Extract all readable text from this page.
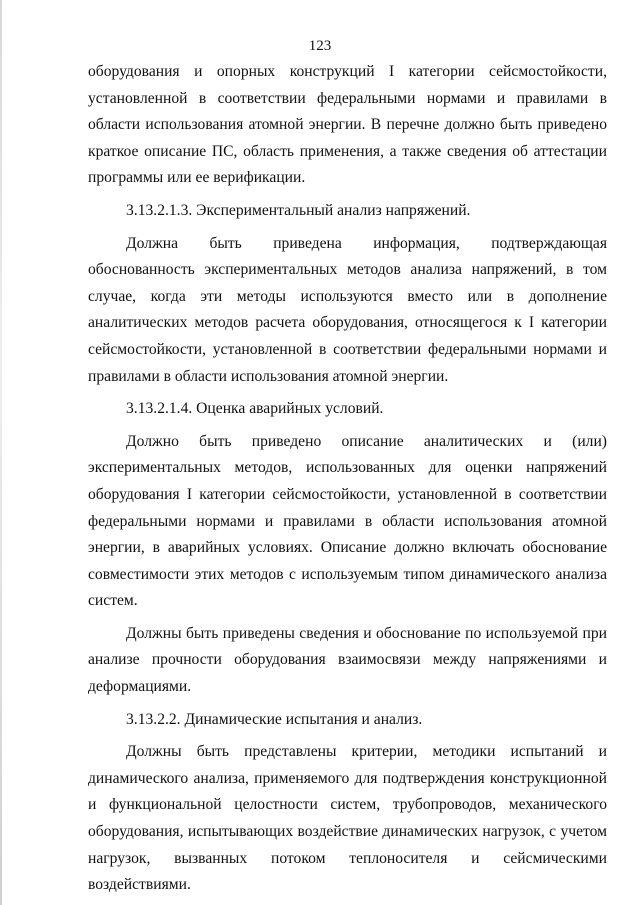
123

оборудования и опорных конструкций I категории сейсмостойкости, установленной в соответствии федеральными нормами и правилами в области использования атомной энергии. В перечне должно быть приведено краткое описание ПС, область применения, а также сведения об аттестации программы или ее верификации.

3.13.2.1.3. Экспериментальный анализ напряжений.

Должна быть приведена информация, подтверждающая обоснованность экспериментальных методов анализа напряжений, в том случае, когда эти методы используются вместо или в дополнение аналитических методов расчета оборудования, относящегося к I категории сейсмостойкости, установленной в соответствии федеральными нормами и правилами в области использования атомной энергии.

3.13.2.1.4. Оценка аварийных условий.

Должно быть приведено описание аналитических и (или) экспериментальных методов, использованных для оценки напряжений оборудования I категории сейсмостойкости, установленной в соответствии федеральными нормами и правилами в области использования атомной энергии, в аварийных условиях. Описание должно включать обоснование совместимости этих методов с используемым типом динамического анализа систем.

Должны быть приведены сведения и обоснование по используемой при анализе прочности оборудования взаимосвязи между напряжениями и деформациями.

3.13.2.2. Динамические испытания и анализ.

Должны быть представлены критерии, методики испытаний и динамического анализа, применяемого для подтверждения конструкционной и функциональной целостности систем, трубопроводов, механического оборудования, испытывающих воздействие динамических нагрузок, с учетом нагрузок, вызванных потоком теплоносителя и сейсмическими воздействиями.
